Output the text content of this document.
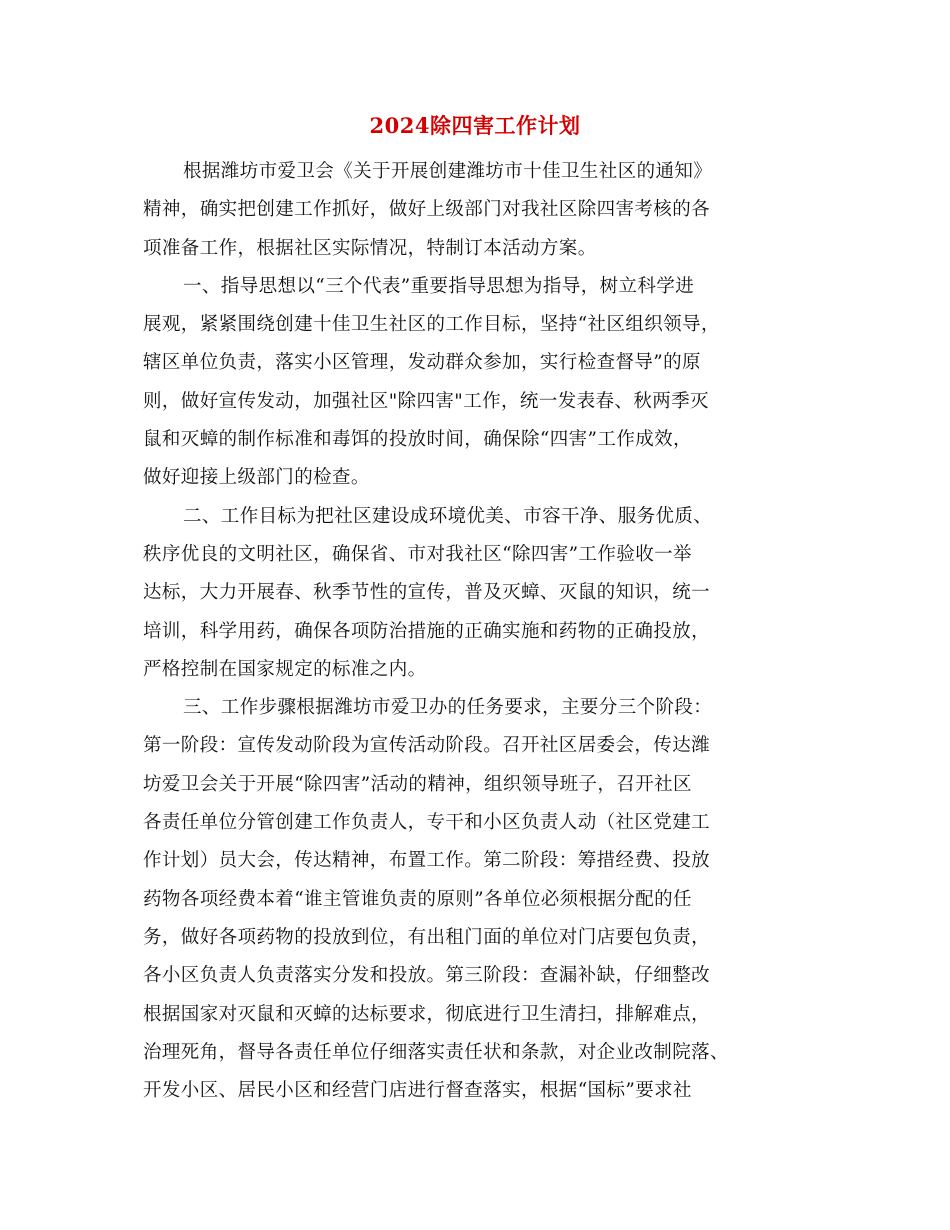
2024除四害工作计划
根据潍坊市爱卫会《关于开展创建潍坊市十佳卫生社区的通知》
精神，确实把创建工作抓好，做好上级部门对我社区除四害考核的各
项准备工作，根据社区实际情况，特制订本活动方案。
一、指导思想以“三个代表”重要指导思想为指导，树立科学进
展观，紧紧围绕创建十佳卫生社区的工作目标，坚持“社区组织领导，
辖区单位负责，落实小区管理，发动群众参加，实行检查督导”的原
则，做好宣传发动，加强社区"除四害"工作，统一发表春、秋两季灭
鼠和灭蟑的制作标准和毒饵的投放时间，确保除“四害”工作成效，
做好迎接上级部门的检查。
二、工作目标为把社区建设成环境优美、市容干净、服务优质、
秩序优良的文明社区，确保省、市对我社区“除四害”工作验收一举
达标，大力开展春、秋季节性的宣传，普及灭蟑、灭鼠的知识，统一
培训，科学用药，确保各项防治措施的正确实施和药物的正确投放，
严格控制在国家规定的标准之内。
三、工作步骤根据潍坊市爱卫办的任务要求，主要分三个阶段：
第一阶段：宣传发动阶段为宣传活动阶段。召开社区居委会，传达潍
坊爱卫会关于开展“除四害”活动的精神，组织领导班子，召开社区
各责任单位分管创建工作负责人，专干和小区负责人动（社区党建工
作计划）员大会，传达精神，布置工作。第二阶段：筹措经费、投放
药物各项经费本着“谁主管谁负责的原则”各单位必须根据分配的任
务，做好各项药物的投放到位，有出租门面的单位对门店要包负责，
各小区负责人负责落实分发和投放。第三阶段：查漏补缺，仔细整改
根据国家对灭鼠和灭蟑的达标要求，彻底进行卫生清扫，排解难点，
治理死角，督导各责任单位仔细落实责任状和条款，对企业改制院落、
开发小区、居民小区和经营门店进行督查落实，根据“国标”要求社
